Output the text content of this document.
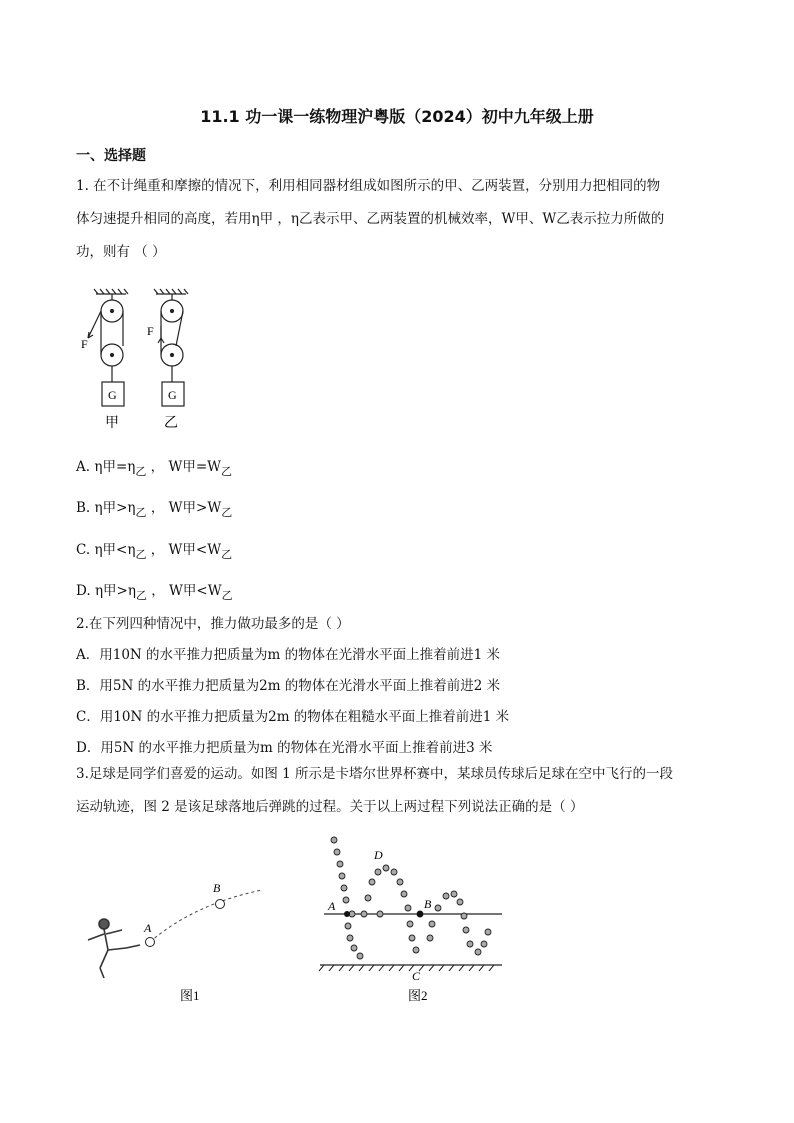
11.1 功一课一练物理沪粤版（2024）初中九年级上册
一、选择题
1. 在不计绳重和摩擦的情况下，利用相同器材组成如图所示的甲、乙两装置，分别用力把相同的物
体匀速提升相同的高度，若用η甲 ，η乙表示甲、乙两装置的机械效率，W甲、W乙表示拉力所做的
功，则有 （ ）
F
F
G	G
甲	乙
A. η甲$=\eta_乙$ ， W甲$=W_乙$
B. η甲$>\eta_乙$ ， W甲$>W_乙$
C. η甲$<\eta_乙$ ， W甲$<W_乙$
D. η甲$>\eta_乙$ ， W甲$<W_乙$
2.在下列四种情况中，推力做功最多的是（ ）
A．用10N 的水平推力把质量为m 的物体在光滑水平面上推着前进1 米
B．用5N 的水平推力把质量为2m 的物体在光滑水平面上推着前进2 米
C．用10N 的水平推力把质量为2m 的物体在粗糙水平面上推着前进1 米
D．用5N 的水平推力把质量为m 的物体在光滑水平面上推着前进3 米
3.足球是同学们喜爱的运动。如图 1 所示是卡塔尔世界杯赛中，某球员传球后足球在空中飞行的一段
运动轨迹，图 2 是该足球落地后弹跳的过程。关于以上两过程下列说法正确的是（ ）
A
B
图1
A	B
C
D
图2
